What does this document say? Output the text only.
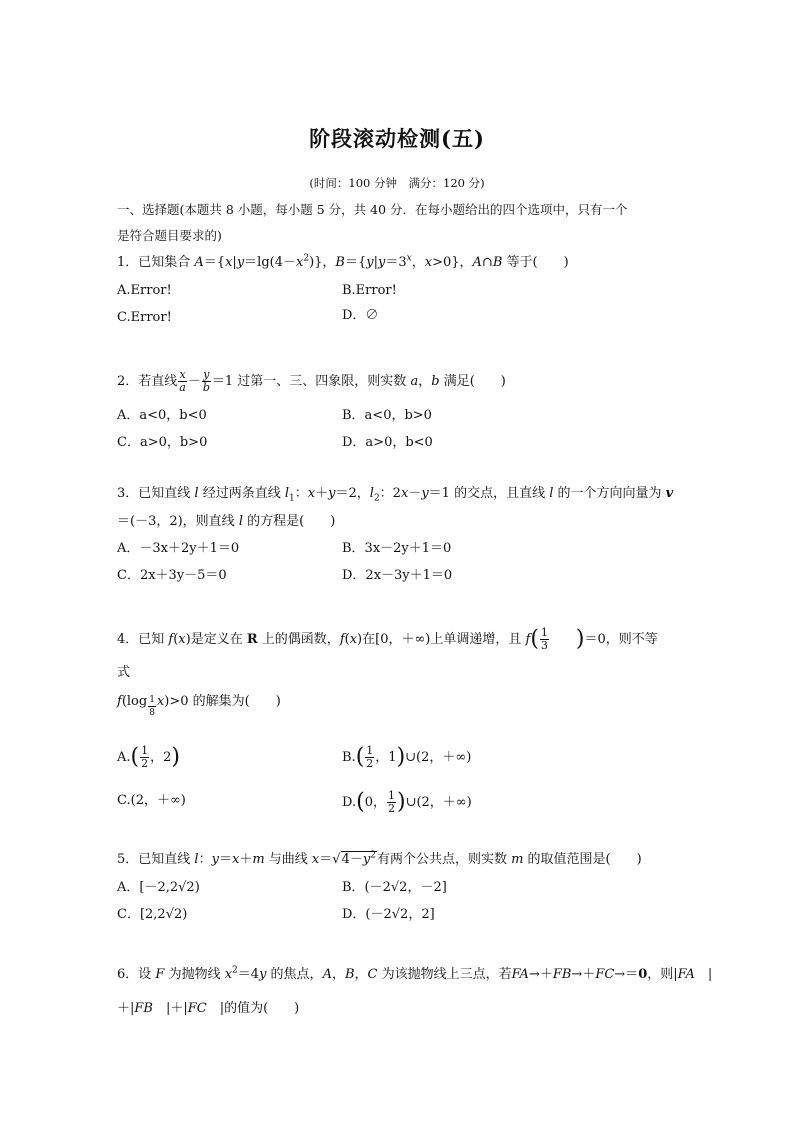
阶段滚动检测(五)
(时间：100 分钟　满分：120 分)
一、选择题(本题共 8 小题，每小题 5 分，共 40 分．在每小题给出的四个选项中，只有一个
是符合题目要求的)
1．已知集合 $A=\{x|y=\lg(4-x^2)\}$，$B=\{y|y=3^x$，x>0}，A∩B 等于(　　)
A.Error!	B.Error!
C.Error!	D．∅
2．若直线 $\frac{x}{a} - \frac{y}{b} =1$ 过第一、三、四象限，则实数 a，b 满足(　　)
A．a<0，b<0	B．a<0，b>0
C．a>0，b>0	D．a>0，b<0
3．已知直线 l 经过两条直线 $l_1$：x＋y＝2，$l_2$：2x－y＝1 的交点，且直线 l 的一个方向向量为 v
＝(－3，2)，则直线 l 的方程是(　　)
A．－3x＋2y＋1＝0	B．3x－2y＋1＝0
C．2x＋3y－5＝0	D．2x－3y＋1＝0
4．已知 f(x)是定义在 R 上的偶函数，f(x)在[0，＋∞)上单调递增，且 $f( \frac{1}{3} )=0$，则不等
式
$f(\log \frac{1}{8} x)>0$ 的解集为(　　)
$A.( \frac{1}{2}$ ，2)	$B.( \frac{1}{2}$ ，1)∪(2，＋∞)
C.(2，＋∞)	D.(0， $\frac{1}{2}$ )∪(2，＋∞)
5．已知直线 l：y＝x＋m 与曲线 $x=√4-y^2$有两个公共点，则实数 m 的取值范围是(　　)
A．[－2,2√2)	B．(－2√2，－2]
C．[2,2√2)	D．(－2√2，2]
6．设 F 为抛物线 $x^2=4y$ 的焦点，A，B，C 为该抛物线上三点，若FA→＋FB→＋FC→＝0，则|FA　|
＋|FB　|＋|FC　|的值为(　　)
